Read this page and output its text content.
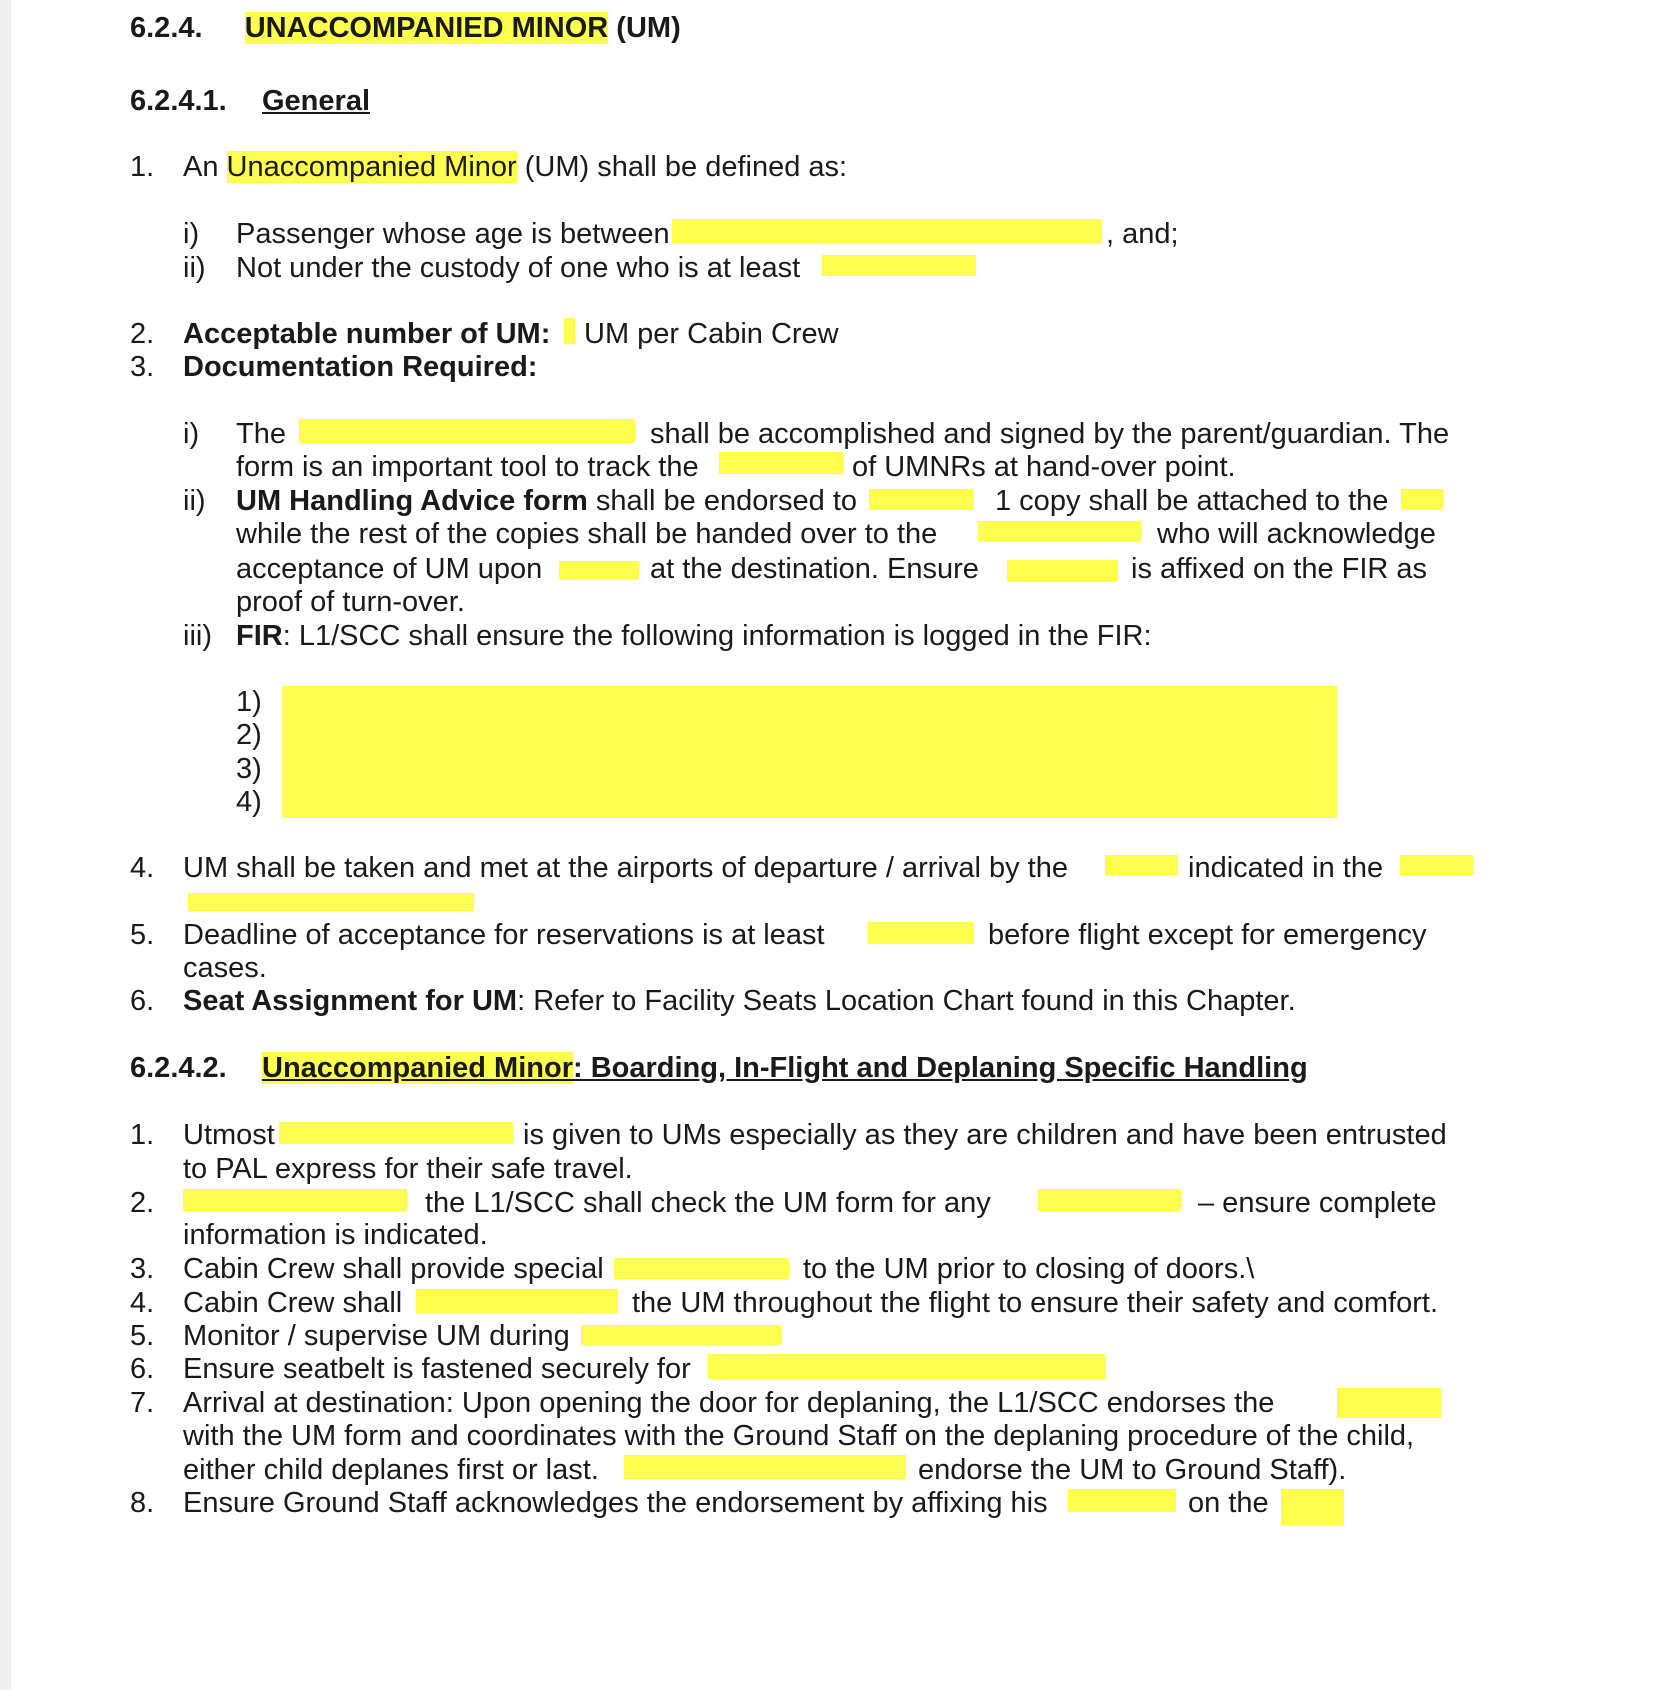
6.2.4. UNACCOMPANIED MINOR (UM)
6.2.4.1. General
1. An Unaccompanied Minor (UM) shall be defined as:
i) Passenger whose age is between	, and;
ii) Not under the custody of one who is at least
2. Acceptable number of UM: UM per Cabin Crew
3. Documentation Required:
i) The	shall be accomplished and signed by the parent/guardian. The
form is an important tool to track the	of UMNRs at hand-over point.
ii) UM Handling Advice form shall be endorsed to	1 copy shall be attached to the
while the rest of the copies shall be handed over to the	who will acknowledge
acceptance of UM upon	at the destination. Ensure	is affixed on the FIR as
proof of turn-over.
iii) FIR: L1/SCC shall ensure the following information is logged in the FIR:
1)
2)
3)
4)
4. UM shall be taken and met at the airports of departure / arrival by the	indicated in the
5. Deadline of acceptance for reservations is at least	before flight except for emergency
cases.
6. Seat Assignment for UM: Refer to Facility Seats Location Chart found in this Chapter.
6.2.4.2. Unaccompanied Minor: Boarding, In-Flight and Deplaning Specific Handling
1. Utmost	is given to UMs especially as they are children and have been entrusted
to PAL express for their safe travel.
2.	the L1/SCC shall check the UM form for any	– ensure complete
information is indicated.
3. Cabin Crew shall provide special	to the UM prior to closing of doors.\
4. Cabin Crew shall	the UM throughout the flight to ensure their safety and comfort.
5. Monitor / supervise UM during
6. Ensure seatbelt is fastened securely for
7. Arrival at destination: Upon opening the door for deplaning, the L1/SCC endorses the
with the UM form and coordinates with the Ground Staff on the deplaning procedure of the child,
either child deplanes first or last.	endorse the UM to Ground Staff).
8. Ensure Ground Staff acknowledges the endorsement by affixing his	on the
